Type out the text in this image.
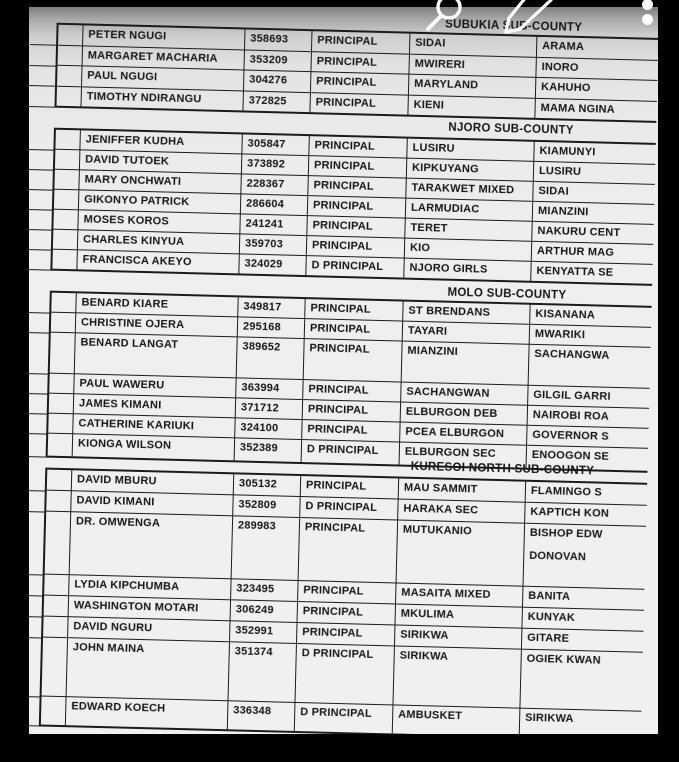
SUBUKIA SUB-COUNTY
PETER NGUGI	358693	PRINCIPAL	SIDAI	ARAMA
MARGARET MACHARIA	353209	PRINCIPAL	MWIRERI	INORO
PAUL NGUGI	304276	PRINCIPAL	MARYLAND	KAHUHO
TIMOTHY NDIRANGU	372825	PRINCIPAL	KIENI	MAMA NGINA
NJORO SUB-COUNTY
JENIFFER KUDHA	305847	PRINCIPAL	LUSIRU	KIAMUNYI
DAVID TUTOEK	373892	PRINCIPAL	KIPKUYANG	LUSIRU
MARY ONCHWATI	228367	PRINCIPAL	TARAKWET MIXED	SIDAI
GIKONYO PATRICK	286604	PRINCIPAL	LARMUDIAC	MIANZINI
MOSES KOROS	241241	PRINCIPAL	TERET	NAKURU CENT
CHARLES KINYUA	359703	PRINCIPAL	KIO	ARTHUR MAG
FRANCISCA AKEYO	324029	D PRINCIPAL	NJORO GIRLS	KENYATTA SE
MOLO SUB-COUNTY
BENARD KIARE	349817	PRINCIPAL	ST BRENDANS	KISANANA
CHRISTINE OJERA	295168	PRINCIPAL	TAYARI	MWARIKI
BENARD LANGAT	389652	PRINCIPAL	MIANZINI	SACHANGWA
PAUL WAWERU	363994	PRINCIPAL	SACHANGWAN	GILGIL GARRI
JAMES KIMANI	371712	PRINCIPAL	ELBURGON DEB	NAIROBI ROA
CATHERINE KARIUKI	324100	PRINCIPAL	PCEA ELBURGON	GOVERNOR S
KIONGA WILSON	352389	D PRINCIPAL	ELBURGON SEC	ENOOGON SE
KURESOI NORTH SUB-COUNTY
DAVID MBURU	305132	PRINCIPAL	MAU SAMMIT	FLAMINGO S
DAVID KIMANI	352809	D PRINCIPAL	HARAKA SEC	KAPTICH KON
DR. OMWENGA	289983	PRINCIPAL	MUTUKANIO	BISHOP EDW
DONOVAN
LYDIA KIPCHUMBA	323495	PRINCIPAL	MASAITA MIXED	BANITA
WASHINGTON MOTARI	306249	PRINCIPAL	MKULIMA	KUNYAK
DAVID NGURU	352991	PRINCIPAL	SIRIKWA	GITARE
JOHN MAINA	351374	D PRINCIPAL	SIRIKWA	OGIEK KWAN
EDWARD KOECH	336348	D PRINCIPAL	AMBUSKET	SIRIKWA
